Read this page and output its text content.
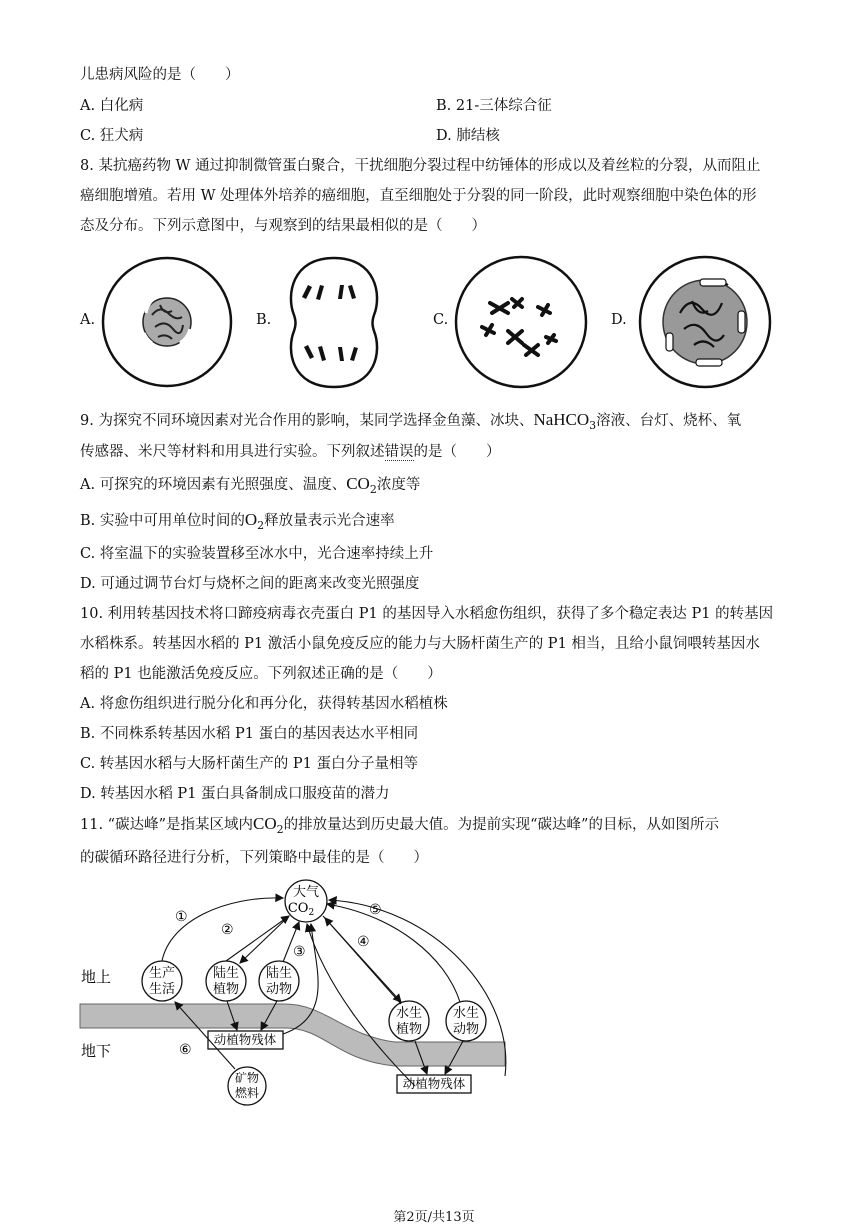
儿患病风险的是（　　）
A. 白化病	B. 21-三体综合征
C. 狂犬病	D. 肺结核
8. 某抗癌药物 W 通过抑制微管蛋白聚合，干扰细胞分裂过程中纺锤体的形成以及着丝粒的分裂，从而阻止
癌细胞增殖。若用 W 处理体外培养的癌细胞，直至细胞处于分裂的同一阶段，此时观察细胞中染色体的形
态及分布。下列示意图中，与观察到的结果最相似的是（　　）
A.	B.	C.	D.
9. 为探究不同环境因素对光合作用的影响，某同学选择金鱼藻、冰块、NaHCO$_3$溶液、台灯、烧杯、氧
传感器、米尺等材料和用具进行实验。下列叙述错误的是（　　）
A. 可探究的环境因素有光照强度、温度、$CO_2$浓度等
B. 实验中可用单位时间的$O_2$释放量表示光合速率
C. 将室温下的实验装置移至冰水中，光合速率持续上升
D. 可通过调节台灯与烧杯之间的距离来改变光照强度
10. 利用转基因技术将口蹄疫病毒衣壳蛋白 P1 的基因导入水稻愈伤组织，获得了多个稳定表达 P1 的转基因
水稻株系。转基因水稻的 P1 激活小鼠免疫反应的能力与大肠杆菌生产的 P1 相当，且给小鼠饲喂转基因水
稻的 P1 也能激活免疫反应。下列叙述正确的是（　　）
A. 将愈伤组织进行脱分化和再分化，获得转基因水稻植株
B. 不同株系转基因水稻 P1 蛋白的基因表达水平相同
C. 转基因水稻与大肠杆菌生产的 P1 蛋白分子量相等
D. 转基因水稻 P1 蛋白具备制成口服疫苗的潜力
11. “碳达峰”是指某区域内$CO_2$的排放量达到历史最大值。为提前实现“碳达峰”的目标，从如图所示
的碳循环路径进行分析，下列策略中最佳的是（　　）
大气
$CO_2$
生产
生活
陆生
植物
陆生
动物
水生
植物
水生
动物
矿物
燃料
动植物残体
动植物残体
地上
地下
①
②
③
④
⑤
⑥
第2页/共13页
